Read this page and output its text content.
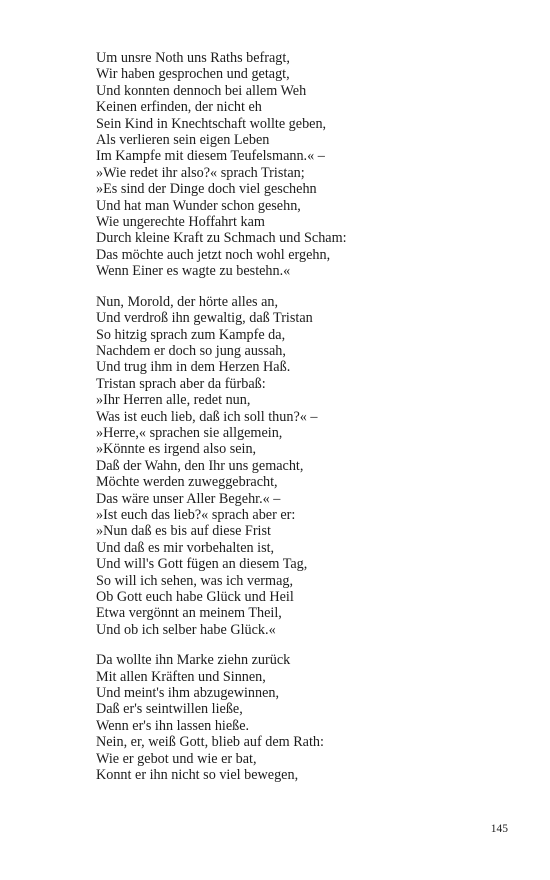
Um unsre Noth uns Raths befragt,
Wir haben gesprochen und getagt,
Und konnten dennoch bei allem Weh
Keinen erfinden, der nicht eh
Sein Kind in Knechtschaft wollte geben,
Als verlieren sein eigen Leben
Im Kampfe mit diesem Teufelsmann.« –
»Wie redet ihr also?« sprach Tristan;
»Es sind der Dinge doch viel geschehn
Und hat man Wunder schon gesehn,
Wie ungerechte Hoffahrt kam
Durch kleine Kraft zu Schmach und Scham:
Das möchte auch jetzt noch wohl ergehn,
Wenn Einer es wagte zu bestehn.«
Nun, Morold, der hörte alles an,
Und verdroß ihn gewaltig, daß Tristan
So hitzig sprach zum Kampfe da,
Nachdem er doch so jung aussah,
Und trug ihm in dem Herzen Haß.
Tristan sprach aber da fürbaß:
»Ihr Herren alle, redet nun,
Was ist euch lieb, daß ich soll thun?« –
»Herre,« sprachen sie allgemein,
»Könnte es irgend also sein,
Daß der Wahn, den Ihr uns gemacht,
Möchte werden zuweggebracht,
Das wäre unser Aller Begehr.« –
»Ist euch das lieb?« sprach aber er:
»Nun daß es bis auf diese Frist
Und daß es mir vorbehalten ist,
Und will's Gott fügen an diesem Tag,
So will ich sehen, was ich vermag,
Ob Gott euch habe Glück und Heil
Etwa vergönnt an meinem Theil,
Und ob ich selber habe Glück.«
Da wollte ihn Marke ziehn zurück
Mit allen Kräften und Sinnen,
Und meint's ihm abzugewinnen,
Daß er's seintwillen ließe,
Wenn er's ihn lassen hieße.
Nein, er, weiß Gott, blieb auf dem Rath:
Wie er gebot und wie er bat,
Konnt er ihn nicht so viel bewegen,
145
